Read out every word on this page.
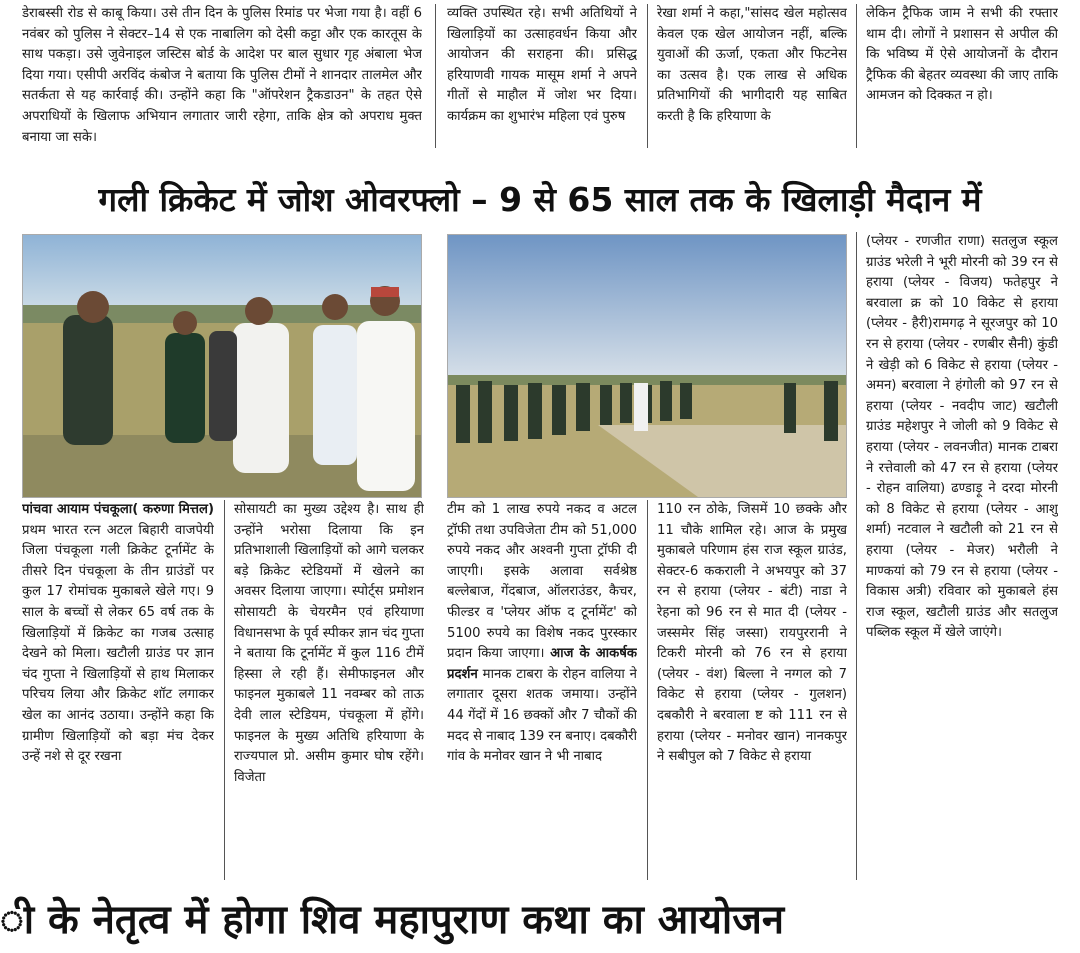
डेराबस्सी रोड से काबू किया। उसे तीन दिन के पुलिस रिमांड पर भेजा गया है। वहीं 6 नवंबर को पुलिस ने सेक्टर–14 से एक नाबालिग को देसी कट्टा और एक कारतूस के साथ पकड़ा। उसे जुवेनाइल जस्टिस बोर्ड के आदेश पर बाल सुधार गृह अंबाला भेज दिया गया। एसीपी अरविंद कंबोज ने बताया कि पुलिस टीमों ने शानदार तालमेल और सतर्कता से यह कार्रवाई की। उन्होंने कहा कि "ऑपरेशन ट्रैकडाउन" के तहत ऐसे अपराधियों के खिलाफ अभियान लगातार जारी रहेगा, ताकि क्षेत्र को अपराध मुक्त बनाया जा सके।

व्यक्ति उपस्थित रहे। सभी अतिथियों ने खिलाड़ियों का उत्साहवर्धन किया और आयोजन की सराहना की। प्रसिद्ध हरियाणवी गायक मासूम शर्मा ने अपने गीतों से माहौल में जोश भर दिया। कार्यक्रम का शुभारंभ महिला एवं पुरुष

रेखा शर्मा ने कहा,"सांसद खेल महोत्सव केवल एक खेल आयोजन नहीं, बल्कि युवाओं की ऊर्जा, एकता और फिटनेस का उत्सव है। एक लाख से अधिक प्रतिभागियों की भागीदारी यह साबित करती है कि हरियाणा के

लेकिन ट्रैफिक जाम ने सभी की रफ्तार थाम दी। लोगों ने प्रशासन से अपील की कि भविष्य में ऐसे आयोजनों के दौरान ट्रैफिक की बेहतर व्यवस्था की जाए ताकि आमजन को दिक्कत न हो।

गली क्रिकेट में जोश ओवरफ्लो – 9 से 65 साल तक के खिलाड़ी मैदान में

पांचवा आयाम पंचकूला( करुणा मित्तल) प्रथम भारत रत्न अटल बिहारी वाजपेयी जिला पंचकूला गली क्रिकेट टूर्नामेंट के तीसरे दिन पंचकूला के तीन ग्राउंडों पर कुल 17 रोमांचक मुकाबले खेले गए। 9 साल के बच्चों से लेकर 65 वर्ष तक के खिलाड़ियों में क्रिकेट का गजब उत्साह देखने को मिला। खटौली ग्राउंड पर ज्ञान चंद गुप्ता ने खिलाड़ियों से हाथ मिलाकर परिचय लिया और क्रिकेट शॉट लगाकर खेल का आनंद उठाया। उन्होंने कहा कि ग्रामीण खिलाड़ियों को बड़ा मंच देकर उन्हें नशे से दूर रखना

सोसायटी का मुख्य उद्देश्य है। साथ ही उन्होंने भरोसा दिलाया कि इन प्रतिभाशाली खिलाड़ियों को आगे चलकर बड़े क्रिकेट स्टेडियमों में खेलने का अवसर दिलाया जाएगा। स्पोर्ट्स प्रमोशन सोसायटी के चेयरमैन एवं हरियाणा विधानसभा के पूर्व स्पीकर ज्ञान चंद गुप्ता ने बताया कि टूर्नामेंट में कुल 116 टीमें हिस्सा ले रही हैं। सेमीफाइनल और फाइनल मुकाबले 11 नवम्बर को ताऊ देवी लाल स्टेडियम, पंचकूला में होंगे। फाइनल के मुख्य अतिथि हरियाणा के राज्यपाल प्रो. असीम कुमार घोष रहेंगे। विजेता

टीम को 1 लाख रुपये नकद व अटल ट्रॉफी तथा उपविजेता टीम को 51,000 रुपये नकद और अश्वनी गुप्ता ट्रॉफी दी जाएगी। इसके अलावा सर्वश्रेष्ठ बल्लेबाज, गेंदबाज, ऑलराउंडर, कैचर, फील्डर व 'प्लेयर ऑफ द टूर्नामेंट' को 5100 रुपये का विशेष नकद पुरस्कार प्रदान किया जाएगा। आज के आकर्षक प्रदर्शन मानक टाबरा के रोहन वालिया ने लगातार दूसरा शतक जमाया। उन्होंने 44 गेंदों में 16 छक्कों और 7 चौकों की मदद से नाबाद 139 रन बनाए। दबकौरी गांव के मनोवर खान ने भी नाबाद

110 रन ठोके, जिसमें 10 छक्के और 11 चौके शामिल रहे। आज के प्रमुख मुकाबले परिणाम हंस राज स्कूल ग्राउंड, सेक्टर-6 ककराली ने अभयपुर को 37 रन से हराया (प्लेयर - बंटी) नाडा ने रेहना को 96 रन से मात दी (प्लेयर - जस्समेर सिंह जस्सा) रायपुररानी ने टिकरी मोरनी को 76 रन से हराया (प्लेयर - वंश) बिल्ला ने नग्गल को 7 विकेट से हराया (प्लेयर - गुलशन) दबकौरी ने बरवाला ष्ट को 111 रन से हराया (प्लेयर - मनोवर खान) नानकपुर ने सबीपुल को 7 विकेट से हराया

(प्लेयर - रणजीत राणा) सतलुज स्कूल ग्राउंड भरेली ने भूरी मोरनी को 39 रन से हराया (प्लेयर - विजय) फतेहपुर ने बरवाला क्र को 10 विकेट से हराया (प्लेयर - हैरी)रामगढ़ ने सूरजपुर को 10 रन से हराया (प्लेयर - रणबीर सैनी) कुंडी ने खेड़ी को 6 विकेट से हराया (प्लेयर - अमन) बरवाला ने हंगोली को 97 रन से हराया (प्लेयर - नवदीप जाट) खटौली ग्राउंड महेशपुर ने जोली को 9 विकेट से हराया (प्लेयर - लवनजीत) मानक टाबरा ने रत्तेवाली को 47 रन से हराया (प्लेयर - रोहन वालिया) ढण्डाड़ू ने दरदा मोरनी को 8 विकेट से हराया (प्लेयर - आशु शर्मा) नटवाल ने खटौली को 21 रन से हराया (प्लेयर - मेजर) भरौली ने माण्कयां को 79 रन से हराया (प्लेयर - विकास अत्री) रविवार को मुकाबले हंस राज स्कूल, खटौली ग्राउंड और सतलुज पब्लिक स्कूल में खेले जाएंगे।

ी के नेतृत्व में होगा शिव महापुराण कथा का आयोजन
